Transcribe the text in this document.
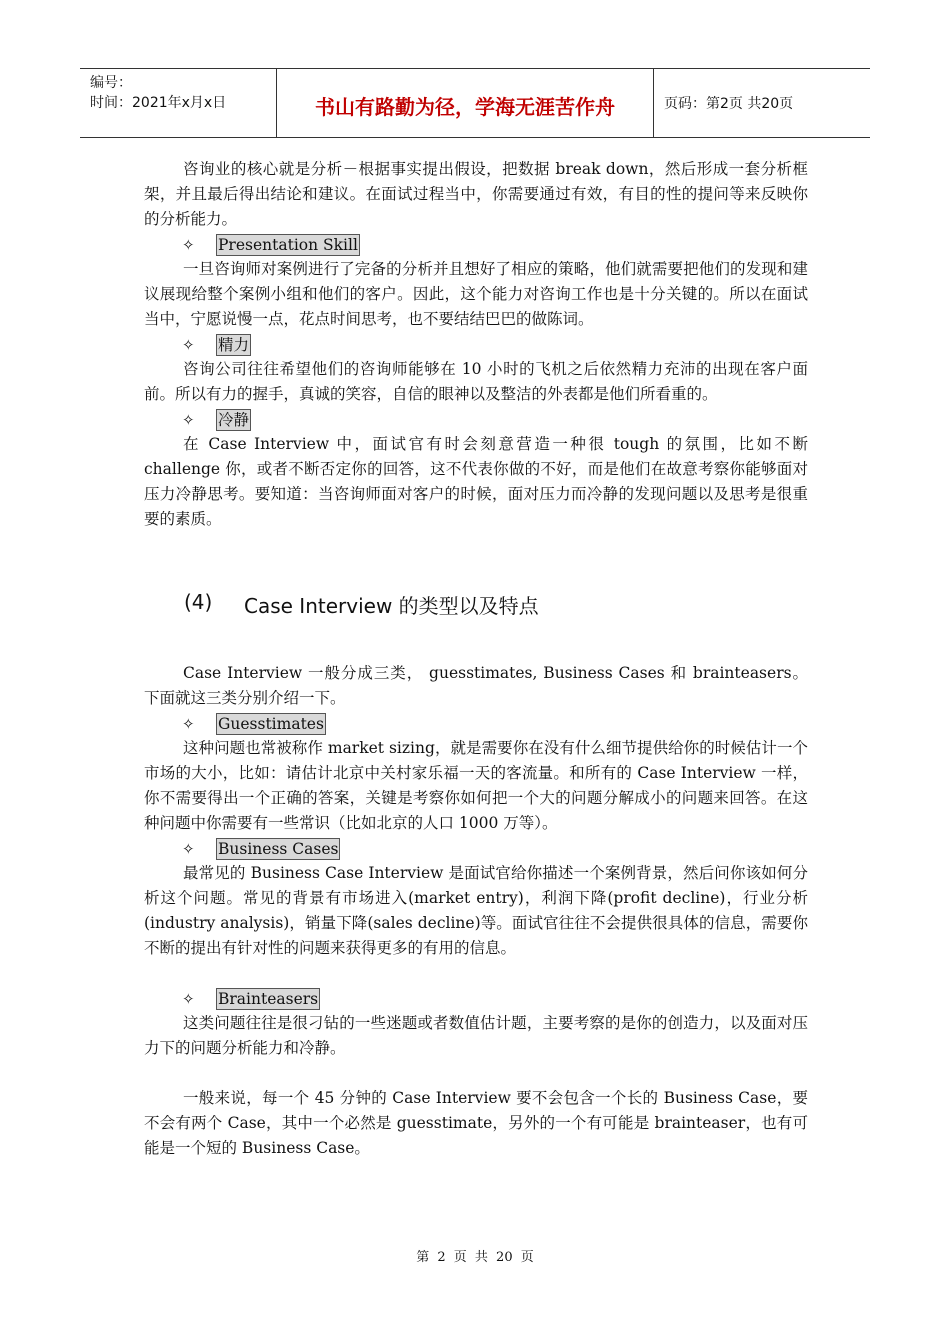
编号：
时间：2021年x月x日	书山有路勤为径，学海无涯苦作舟	页码：第2页 共20页

咨询业的核心就是分析－根据事实提出假设，把数据 break down，然后形成一套分析框架，并且最后得出结论和建议。在面试过程当中，你需要通过有效，有目的性的提问等来反映你的分析能力。

✧	Presentation Skill

一旦咨询师对案例进行了完备的分析并且想好了相应的策略，他们就需要把他们的发现和建议展现给整个案例小组和他们的客户。因此，这个能力对咨询工作也是十分关键的。所以在面试当中，宁愿说慢一点，花点时间思考，也不要结结巴巴的做陈词。

✧	精力

咨询公司往往希望他们的咨询师能够在 10 小时的飞机之后依然精力充沛的出现在客户面前。所以有力的握手，真诚的笑容，自信的眼神以及整洁的外表都是他们所看重的。

✧	冷静

在 Case Interview 中，面试官有时会刻意营造一种很 tough 的氛围，比如不断 challenge 你，或者不断否定你的回答，这不代表你做的不好，而是他们在故意考察你能够面对压力冷静思考。要知道：当咨询师面对客户的时候，面对压力而冷静的发现问题以及思考是很重要的素质。

(4)	Case Interview 的类型以及特点

Case Interview 一般分成三类， guesstimates, Business Cases 和 brainteasers。下面就这三类分别介绍一下。

✧	Guesstimates

这种问题也常被称作 market sizing，就是需要你在没有什么细节提供给你的时候估计一个市场的大小，比如：请估计北京中关村家乐福一天的客流量。和所有的 Case Interview 一样，你不需要得出一个正确的答案，关键是考察你如何把一个大的问题分解成小的问题来回答。在这种问题中你需要有一些常识（比如北京的人口 1000 万等）。

✧	Business Cases

最常见的 Business Case Interview 是面试官给你描述一个案例背景，然后问你该如何分析这个问题。常见的背景有市场进入(market entry)，利润下降(profit decline)，行业分析(industry analysis)，销量下降(sales decline)等。面试官往往不会提供很具体的信息，需要你不断的提出有针对性的问题来获得更多的有用的信息。

✧	Brainteasers

这类问题往往是很刁钻的一些迷题或者数值估计题，主要考察的是你的创造力，以及面对压力下的问题分析能力和冷静。

一般来说，每一个 45 分钟的 Case Interview 要不会包含一个长的 Business Case，要不会有两个 Case，其中一个必然是 guesstimate，另外的一个有可能是 brainteaser，也有可能是一个短的 Business Case。

第 2 页 共 20 页
